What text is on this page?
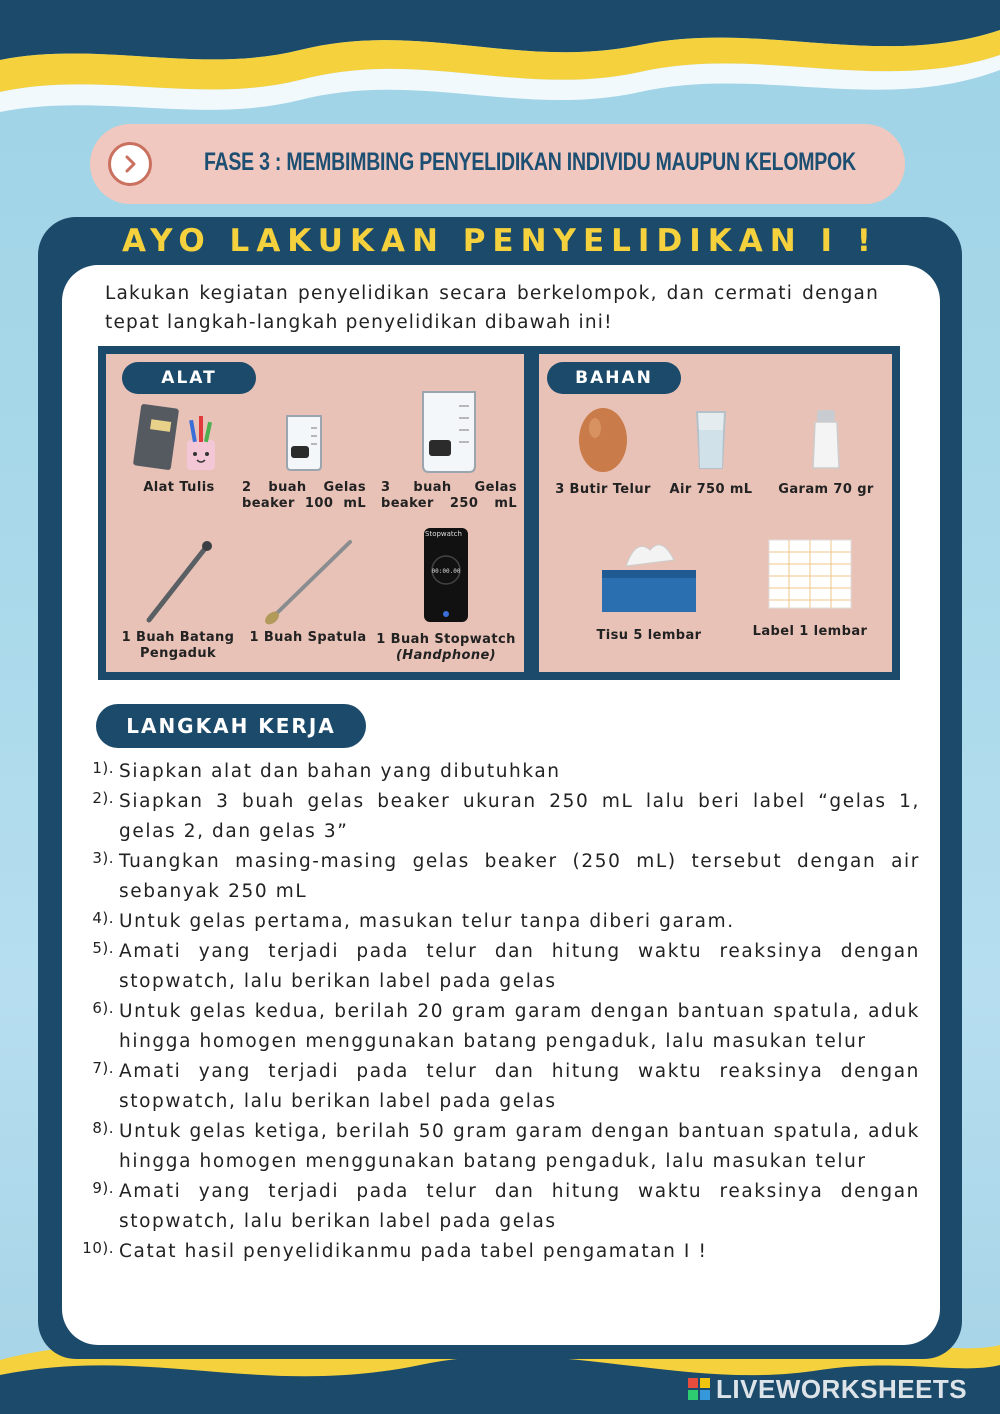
FASE 3 : MEMBIMBING PENYELIDIKAN INDIVIDU MAUPUN KELOMPOK
AYO LAKUKAN PENYELIDIKAN I !

Lakukan kegiatan penyelidikan secara berkelompok, dan cermati dengan tepat langkah-langkah penyelidikan dibawah ini!

ALAT
Alat Tulis	2 buah Gelas beaker 100 mL
3 buah Gelas beaker 250 mL
1 Buah Batang Pengaduk
1 Buah Spatula
Stopwatch
00:00.00
1 Buah Stopwatch
(Handphone)
BAHAN
3 Butir Telur	Air 750 mL	Garam 70 gr
Tisu 5 lembar	Label 1 lembar
LANGKAH KERJA
1). Siapkan alat dan bahan yang dibutuhkan
2). Siapkan 3 buah gelas beaker ukuran 250 mL lalu beri label “gelas 1, gelas 2, dan gelas 3”
3). Tuangkan masing-masing gelas beaker (250 mL) tersebut dengan air sebanyak 250 mL
4). Untuk gelas pertama, masukan telur tanpa diberi garam.
5). Amati yang terjadi pada telur dan hitung waktu reaksinya dengan stopwatch, lalu berikan label pada gelas
6). Untuk gelas kedua, berilah 20 gram garam dengan bantuan spatula, aduk hingga homogen menggunakan batang pengaduk, lalu masukan telur
7). Amati yang terjadi pada telur dan hitung waktu reaksinya dengan stopwatch, lalu berikan label pada gelas
8). Untuk gelas ketiga, berilah 50 gram garam dengan bantuan spatula, aduk hingga homogen menggunakan batang pengaduk, lalu masukan telur
9). Amati yang terjadi pada telur dan hitung waktu reaksinya dengan stopwatch, lalu berikan label pada gelas
10). Catat hasil penyelidikanmu pada tabel pengamatan I !
LIVEWORKSHEETS
